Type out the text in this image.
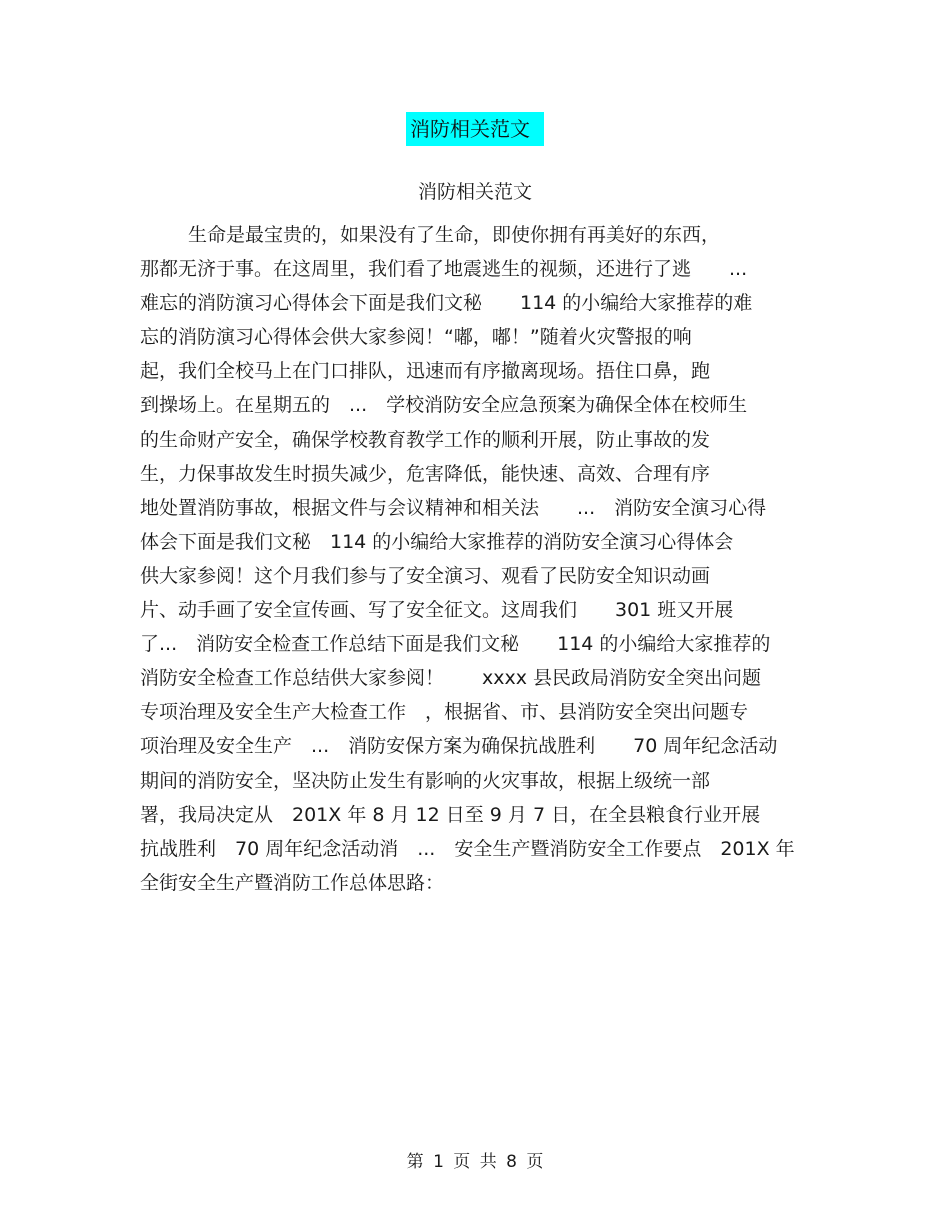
消防相关范文
消防相关范文
生命是最宝贵的，如果没有了生命，即使你拥有再美好的东西，
那都无济于事。在这周里，我们看了地震逃生的视频，还进行了逃　　...
难忘的消防演习心得体会下面是我们文秘　　114 的小编给大家推荐的难
忘的消防演习心得体会供大家参阅！“嘟，嘟！”随着火灾警报的响
起，我们全校马上在门口排队，迅速而有序撤离现场。捂住口鼻，跑
到操场上。在星期五的　...　学校消防安全应急预案为确保全体在校师生
的生命财产安全，确保学校教育教学工作的顺利开展，防止事故的发
生，力保事故发生时损失减少，危害降低，能快速、高效、合理有序
地处置消防事故，根据文件与会议精神和相关法　　...　消防安全演习心得
体会下面是我们文秘　114 的小编给大家推荐的消防安全演习心得体会
供大家参阅！这个月我们参与了安全演习、观看了民防安全知识动画
片、动手画了安全宣传画、写了安全征文。这周我们　　301 班又开展
了...　消防安全检查工作总结下面是我们文秘　　114 的小编给大家推荐的
消防安全检查工作总结供大家参阅！　　xxxx 县民政局消防安全突出问题
专项治理及安全生产大检查工作　，根据省、市、县消防安全突出问题专
项治理及安全生产　...　消防安保方案为确保抗战胜利　　70 周年纪念活动
期间的消防安全，坚决防止发生有影响的火灾事故，根据上级统一部
署，我局决定从　201X 年 8 月 12 日至 9 月 7 日，在全县粮食行业开展
抗战胜利　70 周年纪念活动消　...　安全生产暨消防安全工作要点　201X 年
全街安全生产暨消防工作总体思路：
第 1 页 共 8 页
